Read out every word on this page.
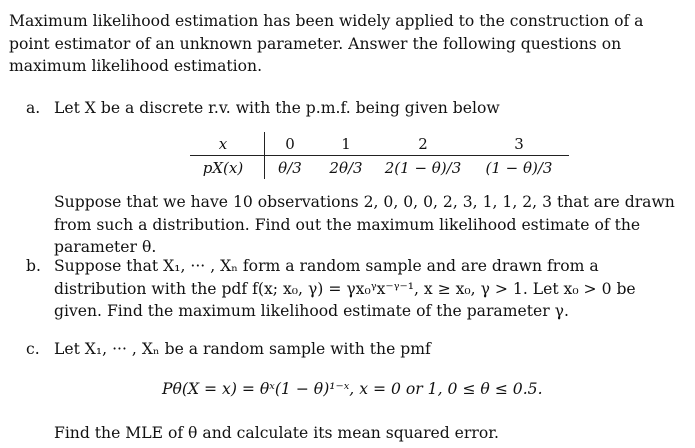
Maximum likelihood estimation has been widely applied to the construction of a point estimator of an unknown parameter. Answer the following questions on maximum likelihood estimation.
a. Let X be a discrete r.v. with the p.m.f. being given below
x	0	1	2	3
pX(x)	θ/3	2θ/3	2(1 − θ)/3	(1 − θ)/3
Suppose that we have 10 observations 2, 0, 0, 0, 2, 3, 1, 1, 2, 3 that are drawn from such a distribution. Find out the maximum likelihood estimate of the parameter θ.
b. Suppose that X₁, ··· , Xₙ form a random sample and are drawn from a distribution with the pdf f(x; x₀, γ) = γx₀ᵞx⁻ᵞ⁻¹, x ≥ x₀, γ > 1. Let x₀ > 0 be given. Find the maximum likelihood estimate of the parameter γ.
c. Let X₁, ··· , Xₙ be a random sample with the pmf
Pθ(X = x) = θˣ(1 − θ)¹⁻ˣ, x = 0 or 1, 0 ≤ θ ≤ 0.5.
Find the MLE of θ and calculate its mean squared error.
